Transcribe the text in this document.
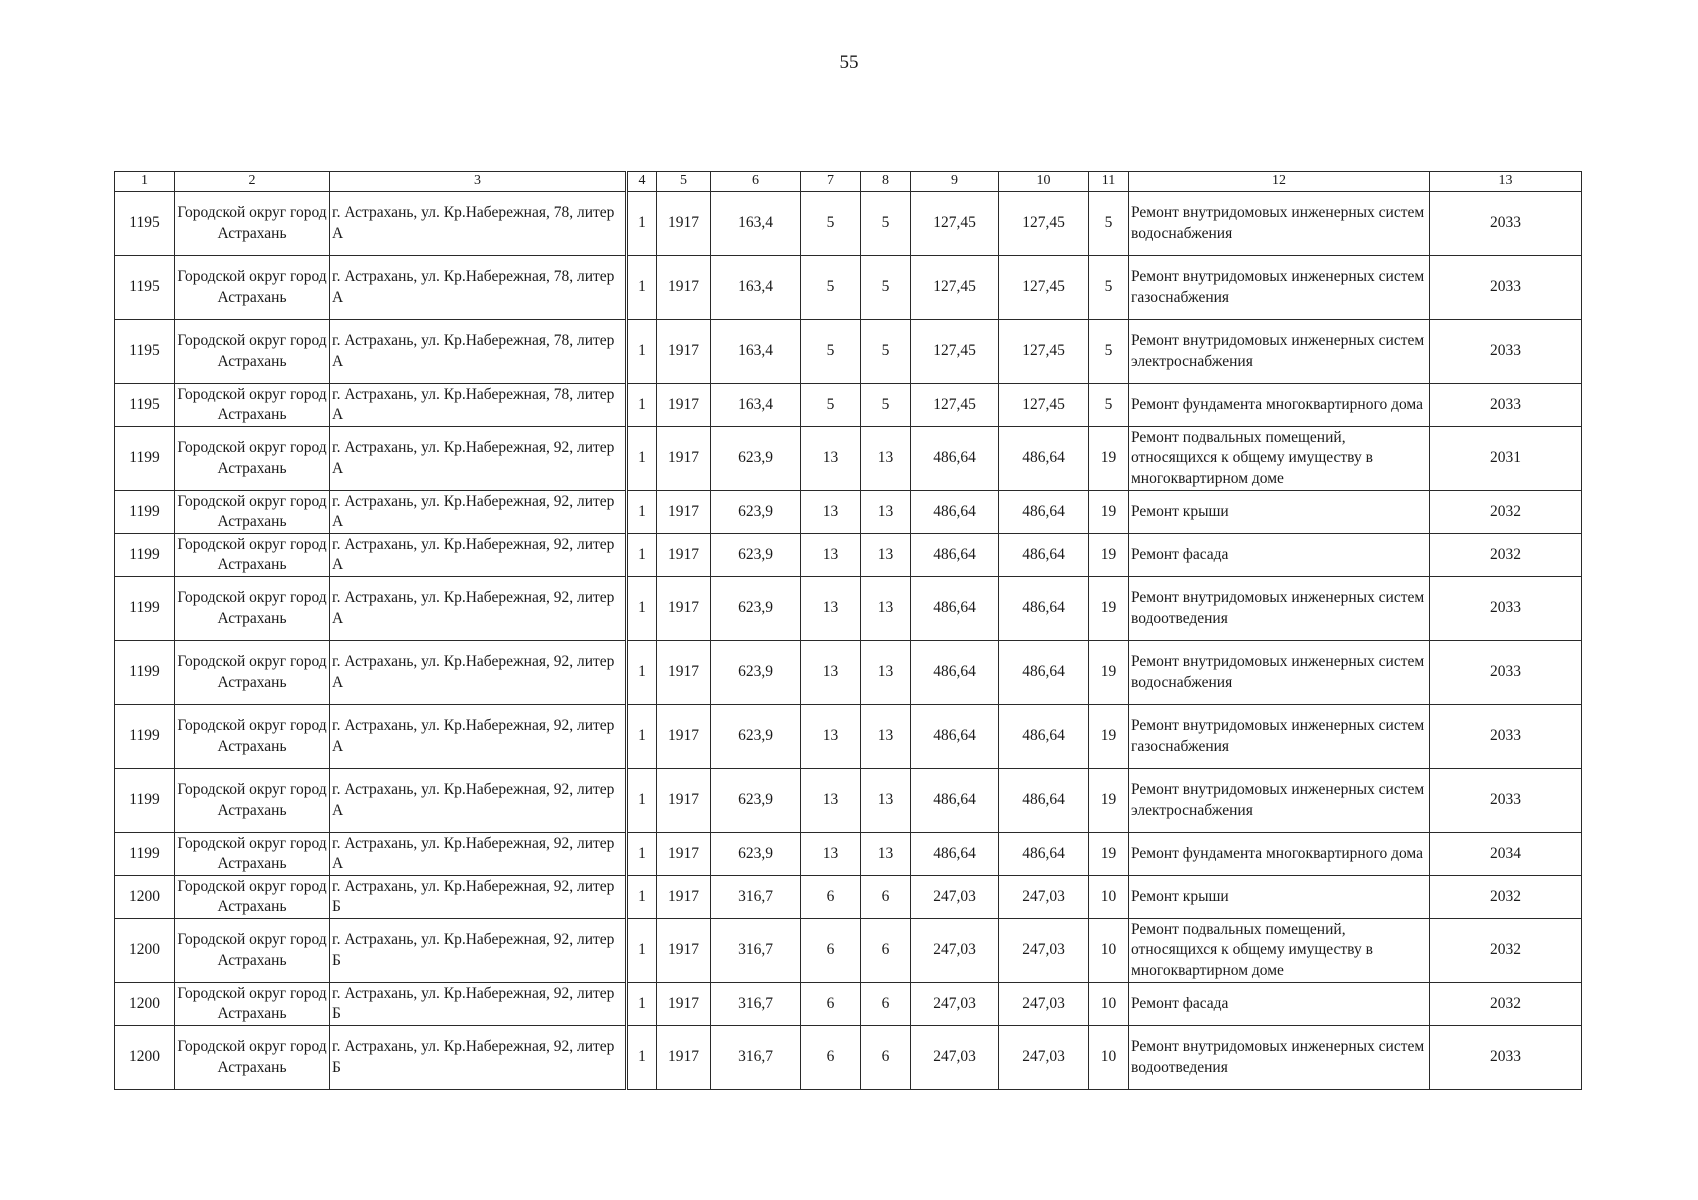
55
1	2	3	4	5	6	7	8	9	10	11	12	13
1195	Городской округ город Астрахань	г. Астрахань, ул. Кр.Набережная, 78, литер А	1	1917	163,4	5	5	127,45	127,45	5	Ремонт внутридомовых инженерных систем водоснабжения	2033
1195	Городской округ город Астрахань	г. Астрахань, ул. Кр.Набережная, 78, литер А	1	1917	163,4	5	5	127,45	127,45	5	Ремонт внутридомовых инженерных систем газоснабжения	2033
1195	Городской округ город Астрахань	г. Астрахань, ул. Кр.Набережная, 78, литер А	1	1917	163,4	5	5	127,45	127,45	5	Ремонт внутридомовых инженерных систем электроснабжения	2033
1195	Городской округ город Астрахань	г. Астрахань, ул. Кр.Набережная, 78, литер А	1	1917	163,4	5	5	127,45	127,45	5	Ремонт фундамента многоквартирного дома	2033
1199	Городской округ город Астрахань	г. Астрахань, ул. Кр.Набережная, 92, литер А	1	1917	623,9	13	13	486,64	486,64	19	Ремонт подвальных помещений, относящихся к общему имуществу в многоквартирном доме	2031
1199	Городской округ город Астрахань	г. Астрахань, ул. Кр.Набережная, 92, литер А	1	1917	623,9	13	13	486,64	486,64	19	Ремонт крыши	2032
1199	Городской округ город Астрахань	г. Астрахань, ул. Кр.Набережная, 92, литер А	1	1917	623,9	13	13	486,64	486,64	19	Ремонт фасада	2032
1199	Городской округ город Астрахань	г. Астрахань, ул. Кр.Набережная, 92, литер А	1	1917	623,9	13	13	486,64	486,64	19	Ремонт внутридомовых инженерных систем водоотведения	2033
1199	Городской округ город Астрахань	г. Астрахань, ул. Кр.Набережная, 92, литер А	1	1917	623,9	13	13	486,64	486,64	19	Ремонт внутридомовых инженерных систем водоснабжения	2033
1199	Городской округ город Астрахань	г. Астрахань, ул. Кр.Набережная, 92, литер А	1	1917	623,9	13	13	486,64	486,64	19	Ремонт внутридомовых инженерных систем газоснабжения	2033
1199	Городской округ город Астрахань	г. Астрахань, ул. Кр.Набережная, 92, литер А	1	1917	623,9	13	13	486,64	486,64	19	Ремонт внутридомовых инженерных систем электроснабжения	2033
1199	Городской округ город Астрахань	г. Астрахань, ул. Кр.Набережная, 92, литер А	1	1917	623,9	13	13	486,64	486,64	19	Ремонт фундамента многоквартирного дома	2034
1200	Городской округ город Астрахань	г. Астрахань, ул. Кр.Набережная, 92, литер Б	1	1917	316,7	6	6	247,03	247,03	10	Ремонт крыши	2032
1200	Городской округ город Астрахань	г. Астрахань, ул. Кр.Набережная, 92, литер Б	1	1917	316,7	6	6	247,03	247,03	10	Ремонт подвальных помещений, относящихся к общему имуществу в многоквартирном доме	2032
1200	Городской округ город Астрахань	г. Астрахань, ул. Кр.Набережная, 92, литер Б	1	1917	316,7	6	6	247,03	247,03	10	Ремонт фасада	2032
1200	Городской округ город Астрахань	г. Астрахань, ул. Кр.Набережная, 92, литер Б	1	1917	316,7	6	6	247,03	247,03	10	Ремонт внутридомовых инженерных систем водоотведения	2033
